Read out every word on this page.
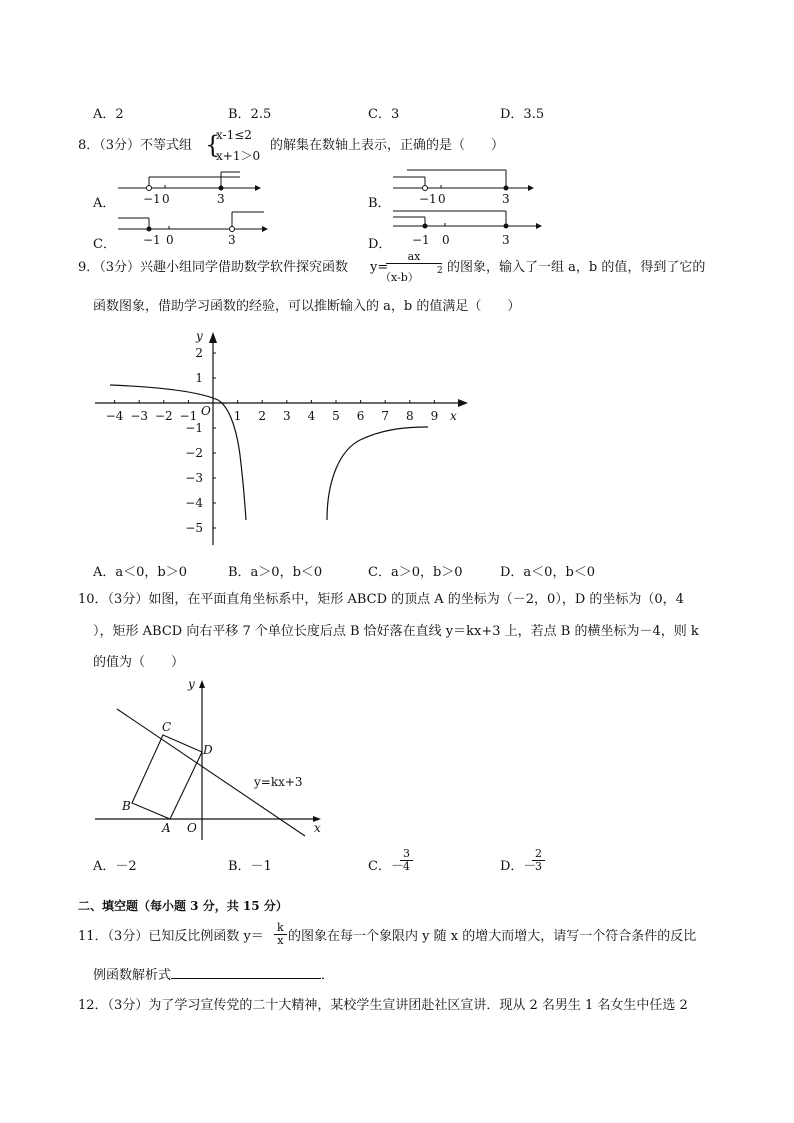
A．2	B．2.5	C．3	D．3.5
8．（3分）不等式组 {
x-1≤2
x+1＞0
的解集在数轴上表示，正确的是（　　）
A．	B．
C．	D．
−1 0	3	−1 0	3
−1 0	3	−1 0	3
9．（3分）兴趣小组同学借助数学软件探究函数 y=
ax
（x-b） 2 的图象，输入了一组 a，b 的值，得到了它的
函数图象，借助学习函数的经验，可以推断输入的 a，b 的值满足（　　）
−4 −3 −2 −1	1 2 3 4 5 6 7 8 9
2
1
−1
−2
−3
−4
−5
x
y
O
A．a＜0，b＞0	B．a＞0，b＜0	C．a＞0，b＞0	D．a＜0，b＜0
10．（3分）如图，在平面直角坐标系中，矩形 ABCD 的顶点 A 的坐标为（－2，0），D 的坐标为（0，4
），矩形 ABCD 向右平移 7 个单位长度后点 B 恰好落在直线 y＝kx+3 上，若点 B 的横坐标为－4，则 k
的值为（　　）
C
D
B
A O	x
y
y=kx+3
A．－2	B．－1	C．－
$\frac{3}{4}$	D．－
$\frac{2}{3}$
二、填空题（每小题 3 分，共 15 分）
11．（3分）已知反比例函数 $y= \frac{k}{x}$ 的图象在每一个象限内 y 随 x 的增大而增大，请写一个符合条件的反比
例函数解析式	．
12．（3分）为了学习宣传党的二十大精神，某校学生宣讲团赴社区宣讲．现从 2 名男生 1 名女生中任选 2
